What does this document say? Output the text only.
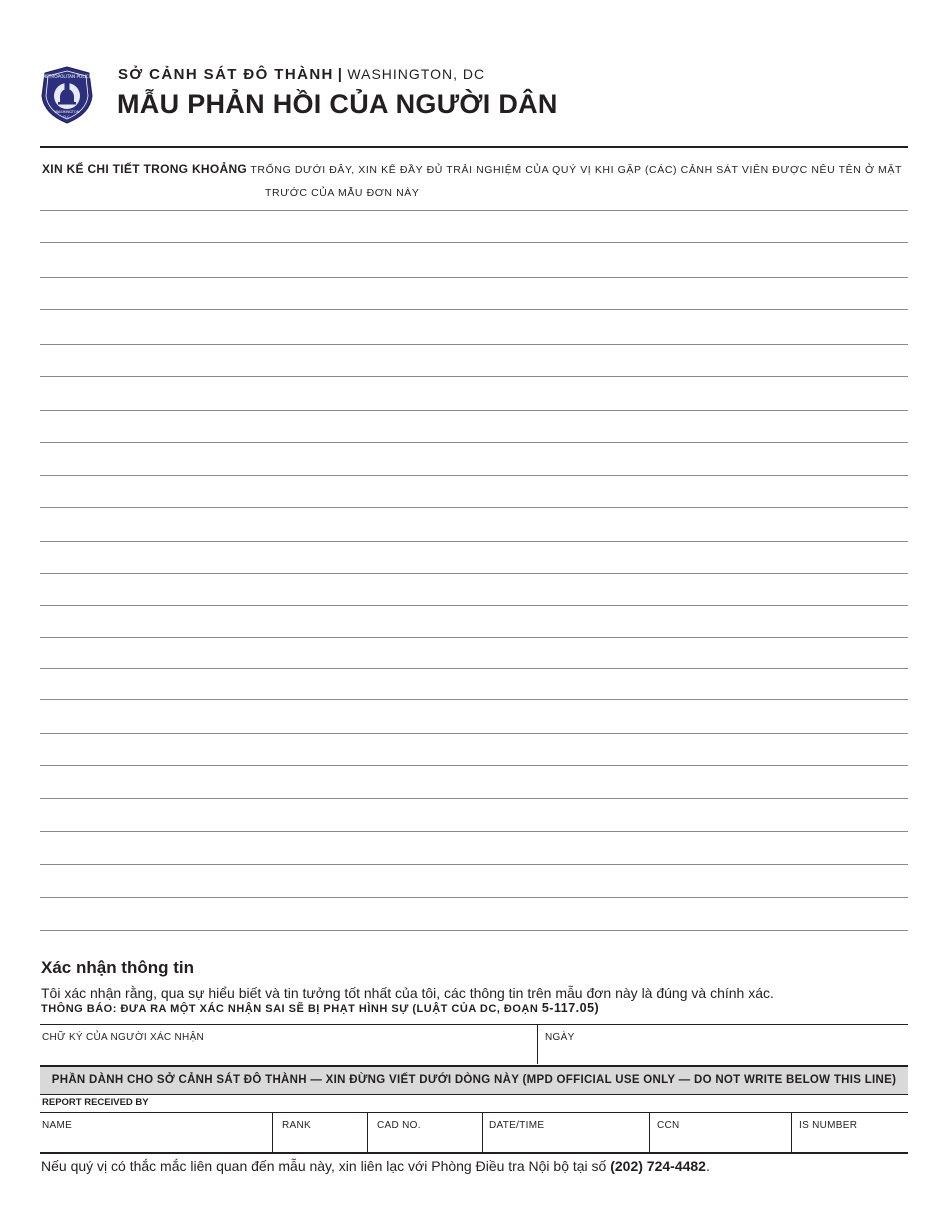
METROPOLITAN POLICE
WASHINGTON
D.C.
SỞ CẢNH SÁT ĐÔ THÀNH | WASHINGTON, DC
MẪU PHẢN HỒI CỦA NGƯỜI DÂN
XIN KỂ CHI TIẾT TRONG KHOẢNG TRỐNG DƯỚI ĐÂY, XIN KỂ ĐẦY ĐỦ TRẢI NGHIỆM CỦA QUÝ VỊ KHI GẶP (CÁC) CẢNH SÁT VIÊN ĐƯỢC NÊU TÊN Ở MẶT
TRƯỚC CỦA MẪU ĐƠN NÀY
Xác nhận thông tin
Tôi xác nhận rằng, qua sự hiểu biết và tin tưởng tốt nhất của tôi, các thông tin trên mẫu đơn này là đúng và chính xác.
THÔNG BÁO: ĐƯA RA MỘT XÁC NHẬN SAI SẼ BỊ PHẠT HÌNH SỰ (LUẬT CỦA DC, ĐOẠN 5-117.05)
CHỮ KÝ CỦA NGƯỜI XÁC NHẬN	NGÀY
PHẦN DÀNH CHO SỞ CẢNH SÁT ĐÔ THÀNH — XIN ĐỪNG VIẾT DƯỚI DÒNG NÀY (MPD OFFICIAL USE ONLY — DO NOT WRITE BELOW THIS LINE)
REPORT RECEIVED BY
NAME	RANK	CAD NO.	DATE/TIME	CCN	IS NUMBER
Nếu quý vị có thắc mắc liên quan đến mẫu này, xin liên lạc với Phòng Điều tra Nội bộ tại số (202) 724-4482.
